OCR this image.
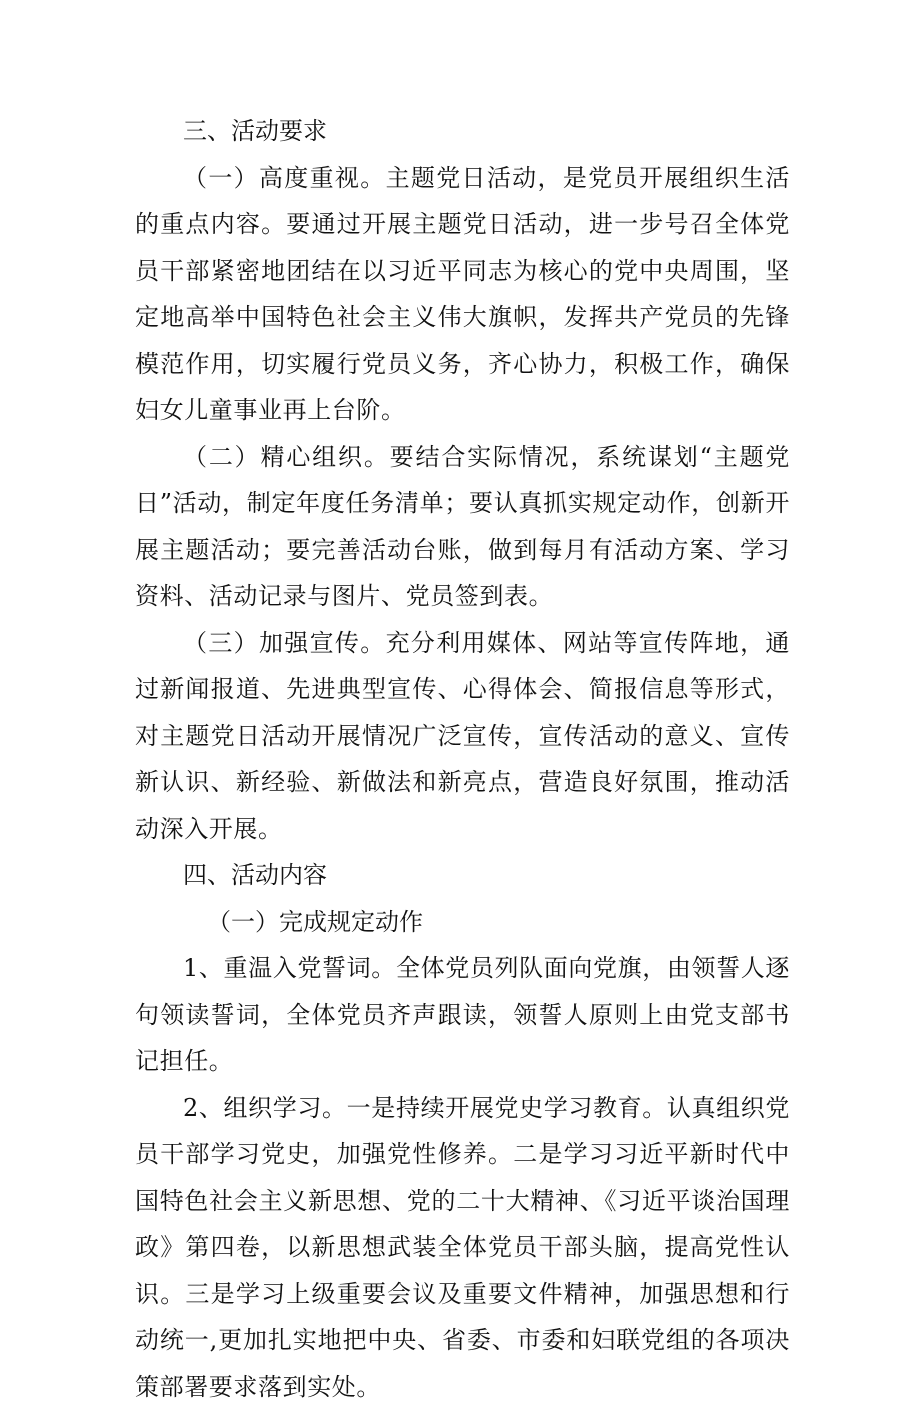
三、活动要求

（一）高度重视。主题党日活动，是党员开展组织生活的重点内容。要通过开展主题党日活动，进一步号召全体党员干部紧密地团结在以习近平同志为核心的党中央周围，坚定地高举中国特色社会主义伟大旗帜，发挥共产党员的先锋模范作用，切实履行党员义务，齐心协力，积极工作，确保妇女儿童事业再上台阶。

（二）精心组织。要结合实际情况，系统谋划“主题党日”活动，制定年度任务清单；要认真抓实规定动作，创新开展主题活动；要完善活动台账，做到每月有活动方案、学习资料、活动记录与图片、党员签到表。

（三）加强宣传。充分利用媒体、网站等宣传阵地，通过新闻报道、先进典型宣传、心得体会、简报信息等形式，对主题党日活动开展情况广泛宣传，宣传活动的意义、宣传新认识、新经验、新做法和新亮点，营造良好氛围，推动活动深入开展。

四、活动内容
（一）完成规定动作

1、重温入党誓词。全体党员列队面向党旗，由领誓人逐句领读誓词，全体党员齐声跟读，领誓人原则上由党支部书记担任。

2、组织学习。一是持续开展党史学习教育。认真组织党员干部学习党史，加强党性修养。二是学习习近平新时代中国特色社会主义新思想、党的二十大精神、《习近平谈治国理政》第四卷，以新思想武装全体党员干部头脑，提高党性认识。三是学习上级重要会议及重要文件精神，加强思想和行动统一,更加扎实地把中央、省委、市委和妇联党组的各项决策部署要求落到实处。
